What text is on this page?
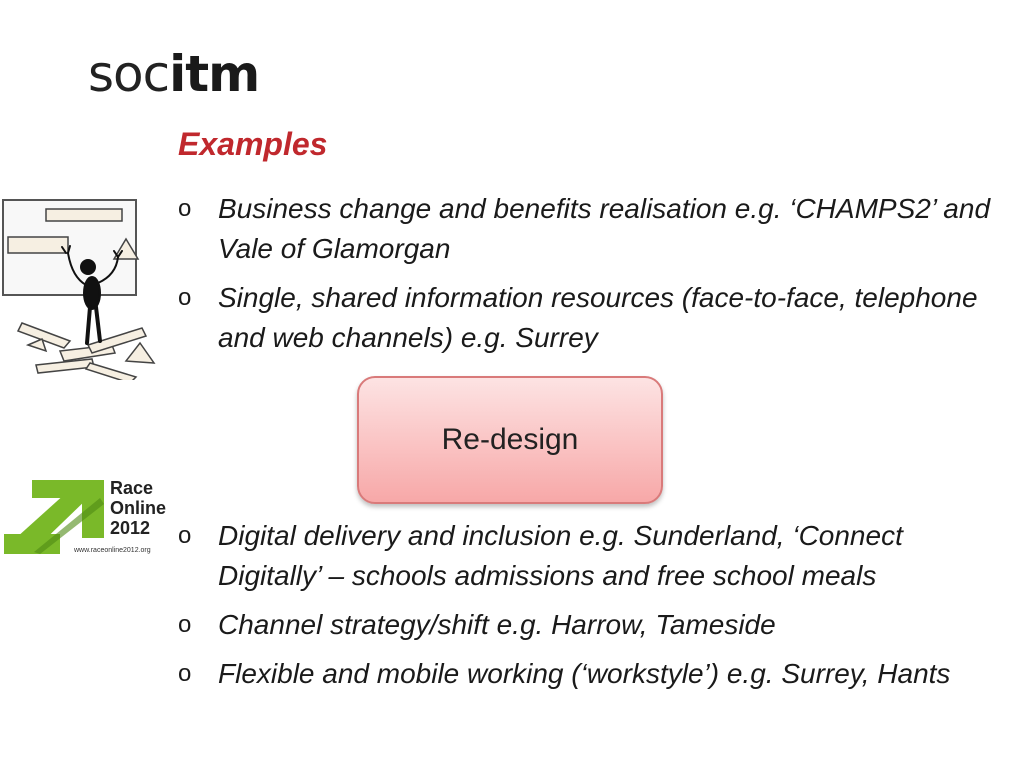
socitm
Examples
o Business change and benefits realisation e.g. ‘CHAMPS2’ and Vale of Glamorgan
o Single, shared information resources (face-to-face, telephone and web channels) e.g. Surrey
Re-design
Race
Online
2012
www.raceonline2012.org
o Digital delivery and inclusion e.g. Sunderland, ‘Connect Digitally’ – schools admissions and free school meals
o Channel strategy/shift e.g. Harrow, Tameside
o Flexible and mobile working (‘workstyle’) e.g. Surrey, Hants
